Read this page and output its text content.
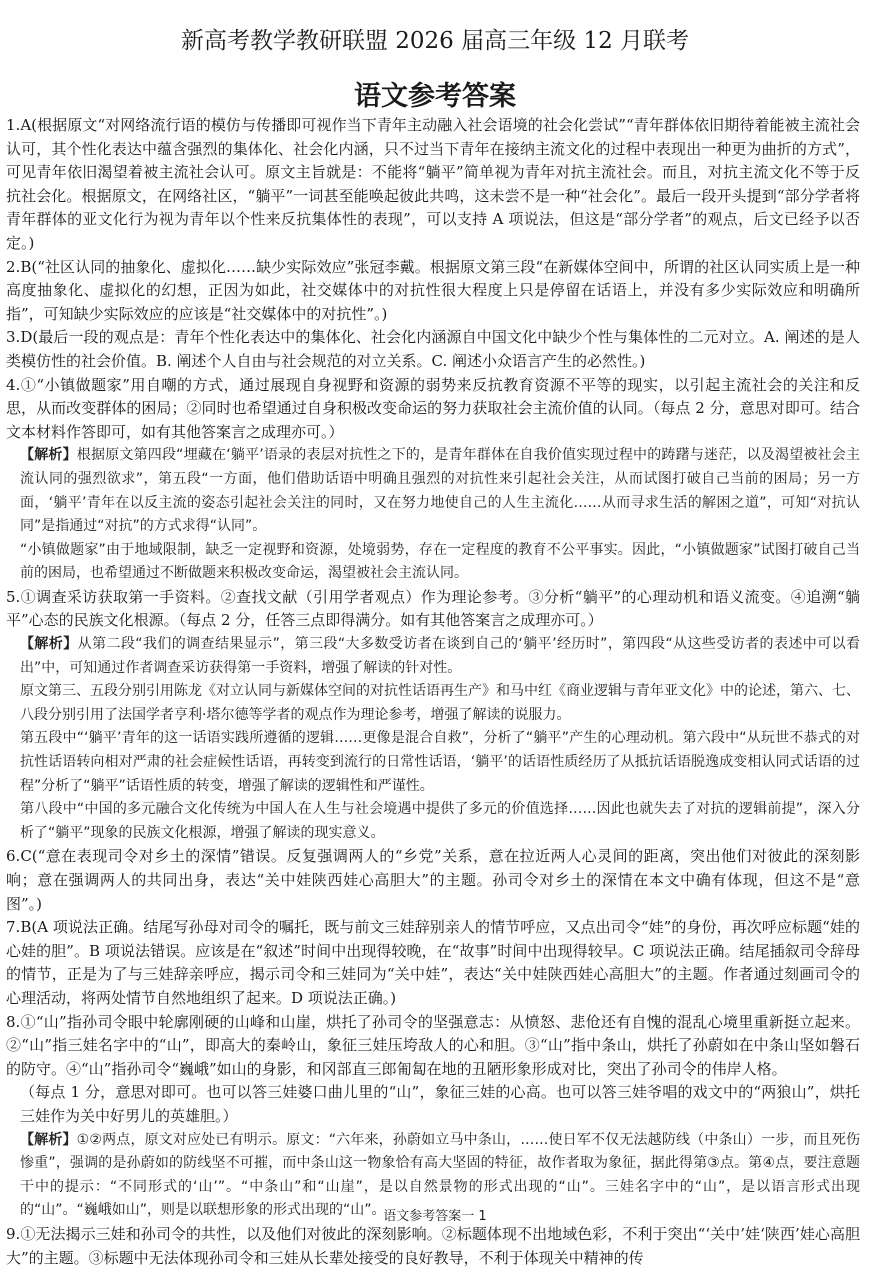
新高考教学教研联盟 2026 届高三年级 12 月联考
语文参考答案

1.A(根据原文“对网络流行语的模仿与传播即可视作当下青年主动融入社会语境的社会化尝试”“青年群体依旧期待着能被主流社会认可，其个性化表达中蕴含强烈的集体化、社会化内涵，只不过当下青年在接纳主流文化的过程中表现出一种更为曲折的方式”，可见青年依旧渴望着被主流社会认可。原文主旨就是：不能将“躺平”简单视为青年对抗主流社会。而且，对抗主流文化不等于反抗社会化。根据原文，在网络社区，“躺平”一词甚至能唤起彼此共鸣，这未尝不是一种“社会化”。最后一段开头提到“部分学者将青年群体的亚文化行为视为青年以个性来反抗集体性的表现”，可以支持 A 项说法，但这是“部分学者”的观点，后文已经予以否定。)

2.B(“社区认同的抽象化、虚拟化……缺少实际效应”张冠李戴。根据原文第三段“在新媒体空间中，所谓的社区认同实质上是一种高度抽象化、虚拟化的幻想，正因为如此，社交媒体中的对抗性很大程度上只是停留在话语上，并没有多少实际效应和明确所指”，可知缺少实际效应的应该是“社交媒体中的对抗性”。)

3.D(最后一段的观点是：青年个性化表达中的集体化、社会化内涵源自中国文化中缺少个性与集体性的二元对立。A. 阐述的是人类模仿性的社会价值。B. 阐述个人自由与社会规范的对立关系。C. 阐述小众语言产生的必然性。)

4.①“小镇做题家”用自嘲的方式，通过展现自身视野和资源的弱势来反抗教育资源不平等的现实，以引起主流社会的关注和反思，从而改变群体的困局；②同时也希望通过自身积极改变命运的努力获取社会主流价值的认同。（每点 2 分，意思对即可。结合文本材料作答即可，如有其他答案言之成理亦可。）

【解析】根据原文第四段“埋藏在‘躺平’语录的表层对抗性之下的，是青年群体在自我价值实现过程中的踌躇与迷茫，以及渴望被社会主流认同的强烈欲求”，第五段“一方面，他们借助话语中明确且强烈的对抗性来引起社会关注，从而试图打破自己当前的困局；另一方面，‘躺平’青年在以反主流的姿态引起社会关注的同时，又在努力地使自己的人生主流化……从而寻求生活的解困之道”，可知“对抗认同”是指通过“对抗”的方式求得“认同”。

“小镇做题家”由于地域限制，缺乏一定视野和资源，处境弱势，存在一定程度的教育不公平事实。因此，“小镇做题家”试图打破自己当前的困局，也希望通过不断做题来积极改变命运，渴望被社会主流认同。

5.①调查采访获取第一手资料。②查找文献（引用学者观点）作为理论参考。③分析“躺平”的心理动机和语义流变。④追溯“躺平”心态的民族文化根源。（每点 2 分，任答三点即得满分。如有其他答案言之成理亦可。）

【解析】从第二段“我们的调查结果显示”，第三段“大多数受访者在谈到自己的‘躺平’经历时”，第四段“从这些受访者的表述中可以看出”中，可知通过作者调查采访获得第一手资料，增强了解读的针对性。

原文第三、五段分别引用陈龙《对立认同与新媒体空间的对抗性话语再生产》和马中红《商业逻辑与青年亚文化》中的论述，第六、七、八段分别引用了法国学者亨利·塔尔德等学者的观点作为理论参考，增强了解读的说服力。

第五段中“‘躺平’青年的这一话语实践所遵循的逻辑……更像是混合自救”，分析了“躺平”产生的心理动机。第六段中“从玩世不恭式的对抗性话语转向相对严肃的社会症候性话语，再转变到流行的日常性话语，‘躺平’的话语性质经历了从抵抗话语脱逸成变相认同式话语的过程”分析了“躺平”话语性质的转变，增强了解读的逻辑性和严谨性。

第八段中“中国的多元融合文化传统为中国人在人生与社会境遇中提供了多元的价值选择……因此也就失去了对抗的逻辑前提”，深入分析了“躺平”现象的民族文化根源，增强了解读的现实意义。

6.C(“意在表现司令对乡土的深情”错误。反复强调两人的“乡党”关系，意在拉近两人心灵间的距离，突出他们对彼此的深刻影响；意在强调两人的共同出身，表达“关中娃陕西娃心高胆大”的主题。孙司令对乡土的深情在本文中确有体现，但这不是“意图”。)

7.B(A 项说法正确。结尾写孙母对司令的嘱托，既与前文三娃辞别亲人的情节呼应，又点出司令“娃”的身份，再次呼应标题“娃的心娃的胆”。B 项说法错误。应该是在“叙述”时间中出现得较晚，在“故事”时间中出现得较早。C 项说法正确。结尾插叙司令辞母的情节，正是为了与三娃辞亲呼应，揭示司令和三娃同为“关中娃”，表达“关中娃陕西娃心高胆大”的主题。作者通过刻画司令的心理活动，将两处情节自然地组织了起来。D 项说法正确。)

8.①“山”指孙司令眼中轮廓刚硬的山峰和山崖，烘托了孙司令的坚强意志：从愤怒、悲伧还有自愧的混乱心境里重新挺立起来。②“山”指三娃名字中的“山”，即高大的秦岭山，象征三娃压垮敌人的心和胆。③“山”指中条山，烘托了孙蔚如在中条山坚如磐石的防守。④“山”指孙司令“巍峨”如山的身影，和冈部直三郎匍匐在地的丑陋形象形成对比，突出了孙司令的伟岸人格。

（每点 1 分，意思对即可。也可以答三娃婆口曲儿里的“山”，象征三娃的心高。也可以答三娃爷唱的戏文中的“两狼山”，烘托三娃作为关中好男儿的英雄胆。）

【解析】①②两点，原文对应处已有明示。原文：“六年来，孙蔚如立马中条山，……使日军不仅无法越防线（中条山）一步，而且死伤惨重”，强调的是孙蔚如的防线坚不可摧，而中条山这一物象恰有高大坚固的特征，故作者取为象征，据此得第③点。第④点，要注意题干中的提示：“不同形式的‘山’”。“中条山”和“山崖”，是以自然景物的形式出现的“山”。三娃名字中的“山”，是以语言形式出现的“山”。“巍峨如山”，则是以联想形象的形式出现的“山”。

9.①无法揭示三娃和孙司令的共性，以及他们对彼此的深刻影响。②标题体现不出地域色彩，不利于突出“‘关中’娃‘陕西’娃心高胆大”的主题。③标题中无法体现孙司令和三娃从长辈处接受的良好教导，不利于体现关中精神的传

语文参考答案一 1
